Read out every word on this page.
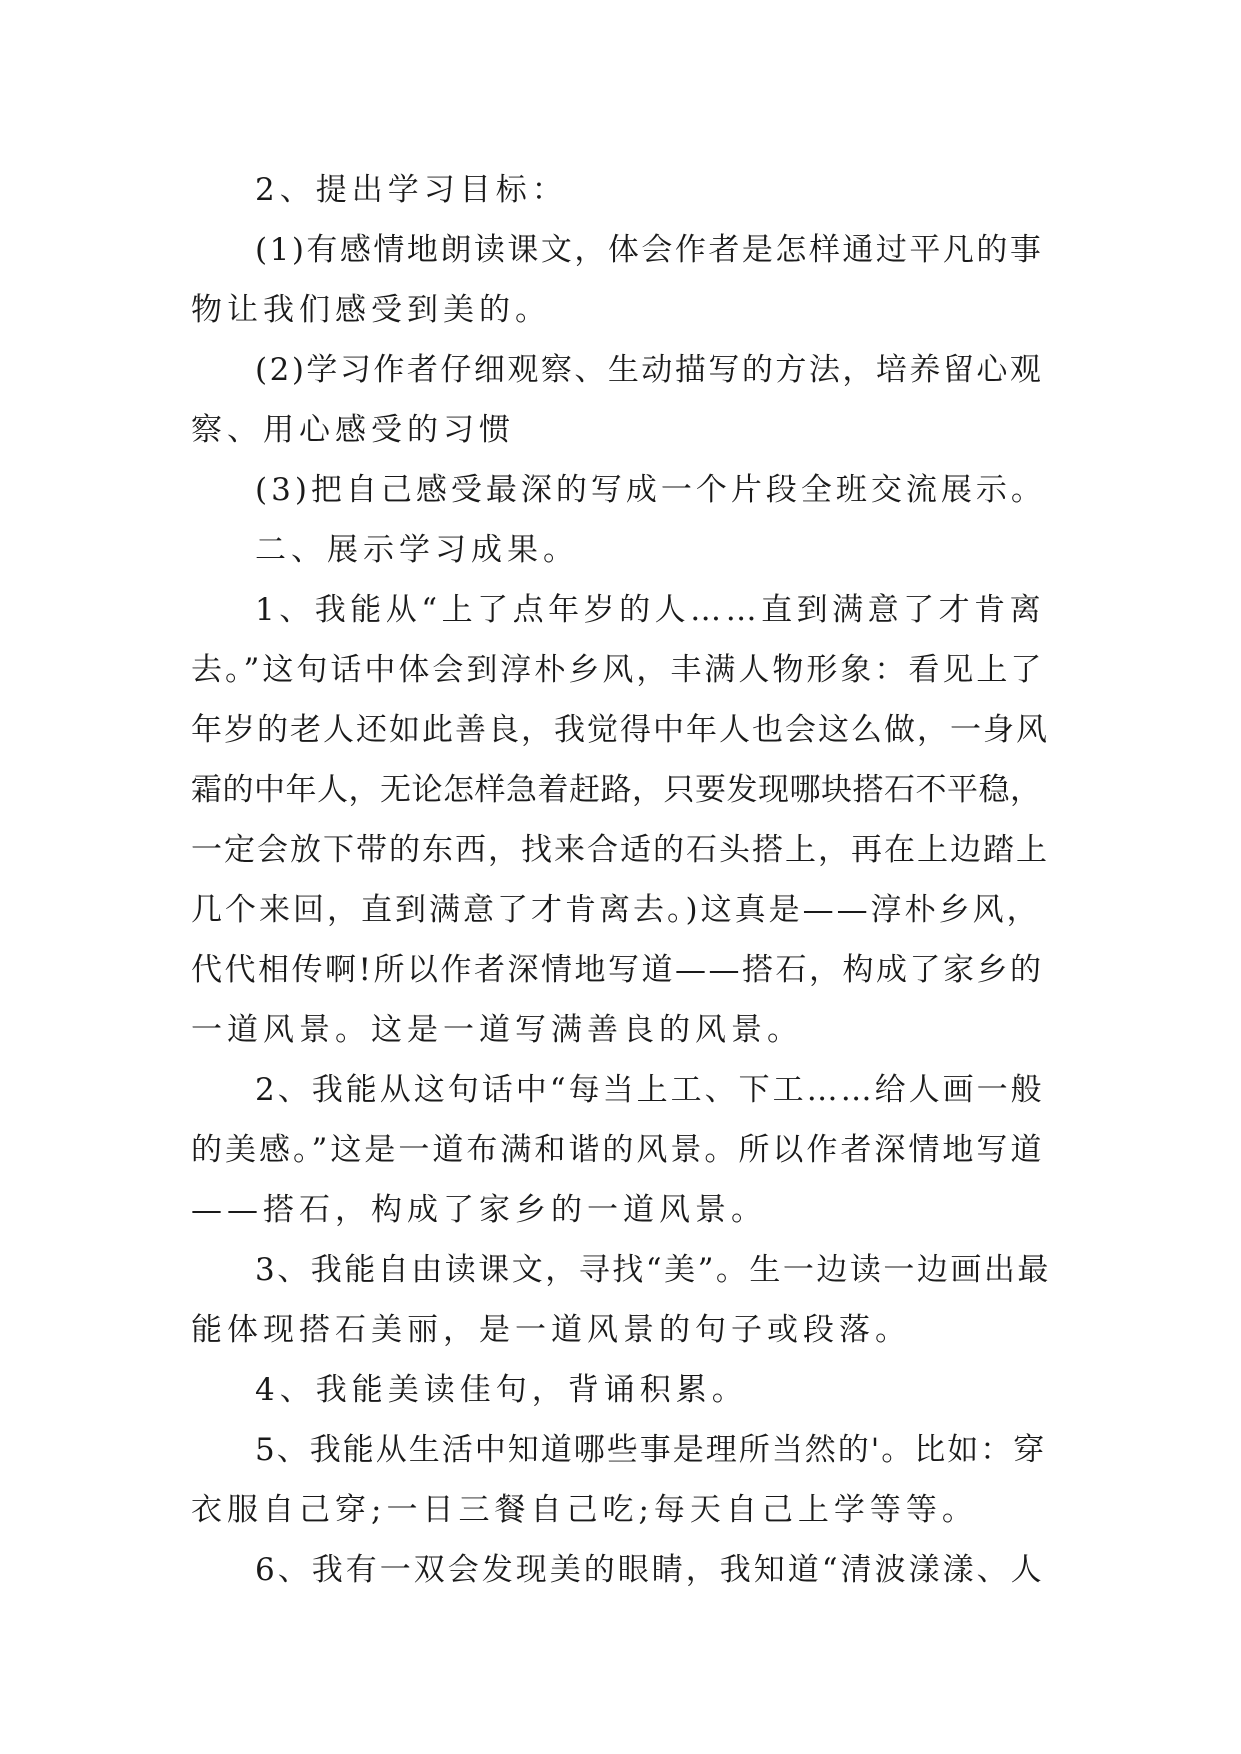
2、提出学习目标：
(1)有感情地朗读课文，体会作者是怎样通过平凡的事
物让我们感受到美的。
(2)学习作者仔细观察、生动描写的方法，培养留心观
察、用心感受的习惯
(3)把自己感受最深的写成一个片段全班交流展示。
二、展示学习成果。
1、我能从“上了点年岁的人……直到满意了才肯离
去。”这句话中体会到淳朴乡风，丰满人物形象：看见上了
年岁的老人还如此善良，我觉得中年人也会这么做，一身风
霜的中年人，无论怎样急着赶路，只要发现哪块搭石不平稳，
一定会放下带的东西，找来合适的石头搭上，再在上边踏上
几个来回，直到满意了才肯离去。)这真是——淳朴乡风，
代代相传啊!所以作者深情地写道——搭石，构成了家乡的
一道风景。这是一道写满善良的风景。
2、我能从这句话中“每当上工、下工……给人画一般
的美感。”这是一道布满和谐的风景。所以作者深情地写道
——搭石，构成了家乡的一道风景。
3、我能自由读课文，寻找“美”。生一边读一边画出最
能体现搭石美丽，是一道风景的句子或段落。
4、我能美读佳句，背诵积累。
5、我能从生活中知道哪些事是理所当然的'。比如：穿
衣服自己穿;一日三餐自己吃;每天自己上学等等。
6、我有一双会发现美的眼睛，我知道“清波漾漾、人
